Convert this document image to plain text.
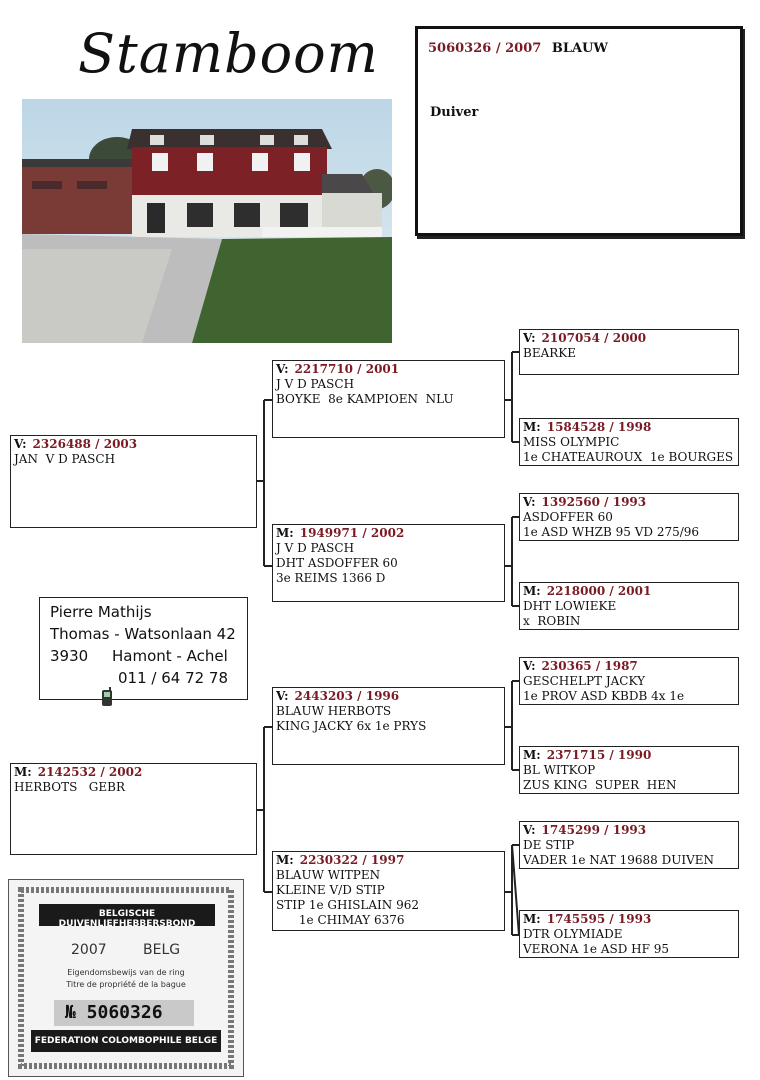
Stamboom	5060326 / 2007 BLAUW
Duiver
V: 2326488 / 2003
JAN  V D PASCH
M: 2142532 / 2002
HERBOTS   GEBR
V: 2217710 / 2001
J V D PASCH
BOYKE  8e KAMPIOEN  NLU
M: 1949971 / 2002
J V D PASCH
DHT ASDOFFER 60
3e REIMS 1366 D
V: 2443203 / 1996
BLAUW HERBOTS
KING JACKY 6x 1e PRYS
M: 2230322 / 1997
BLAUW WITPEN
KLEINE V/D STIP
STIP 1e GHISLAIN 962
1e CHIMAY 6376
V: 2107054 / 2000
BEARKE
M: 1584528 / 1998
MISS OLYMPIC
1e CHATEAUROUX  1e BOURGES
V: 1392560 / 1993
ASDOFFER 60
1e ASD WHZB 95 VD 275/96
M: 2218000 / 2001
DHT LOWIEKE
x  ROBIN
V: 230365 / 1987
GESCHELPT JACKY
1e PROV ASD KBDB 4x 1e
M: 2371715 / 1990
BL WITKOP
ZUS KING  SUPER  HEN
V: 1745299 / 1993
DE STIP
VADER 1e NAT 19688 DUIVEN
M: 1745595 / 1993
DTR OLYMIADE
VERONA 1e ASD HF 95
Pierre Mathijs
Thomas - Watsonlaan 42
3930     Hamont - Achel

011 / 64 72 78

BELGISCHE DUIVENLIEFHEBBERSBOND
2007	BELG
Eigendomsbewijs van de ring
Titre de propriété de la bague
№ 5060326
FEDERATION COLOMBOPHILE BELGE
